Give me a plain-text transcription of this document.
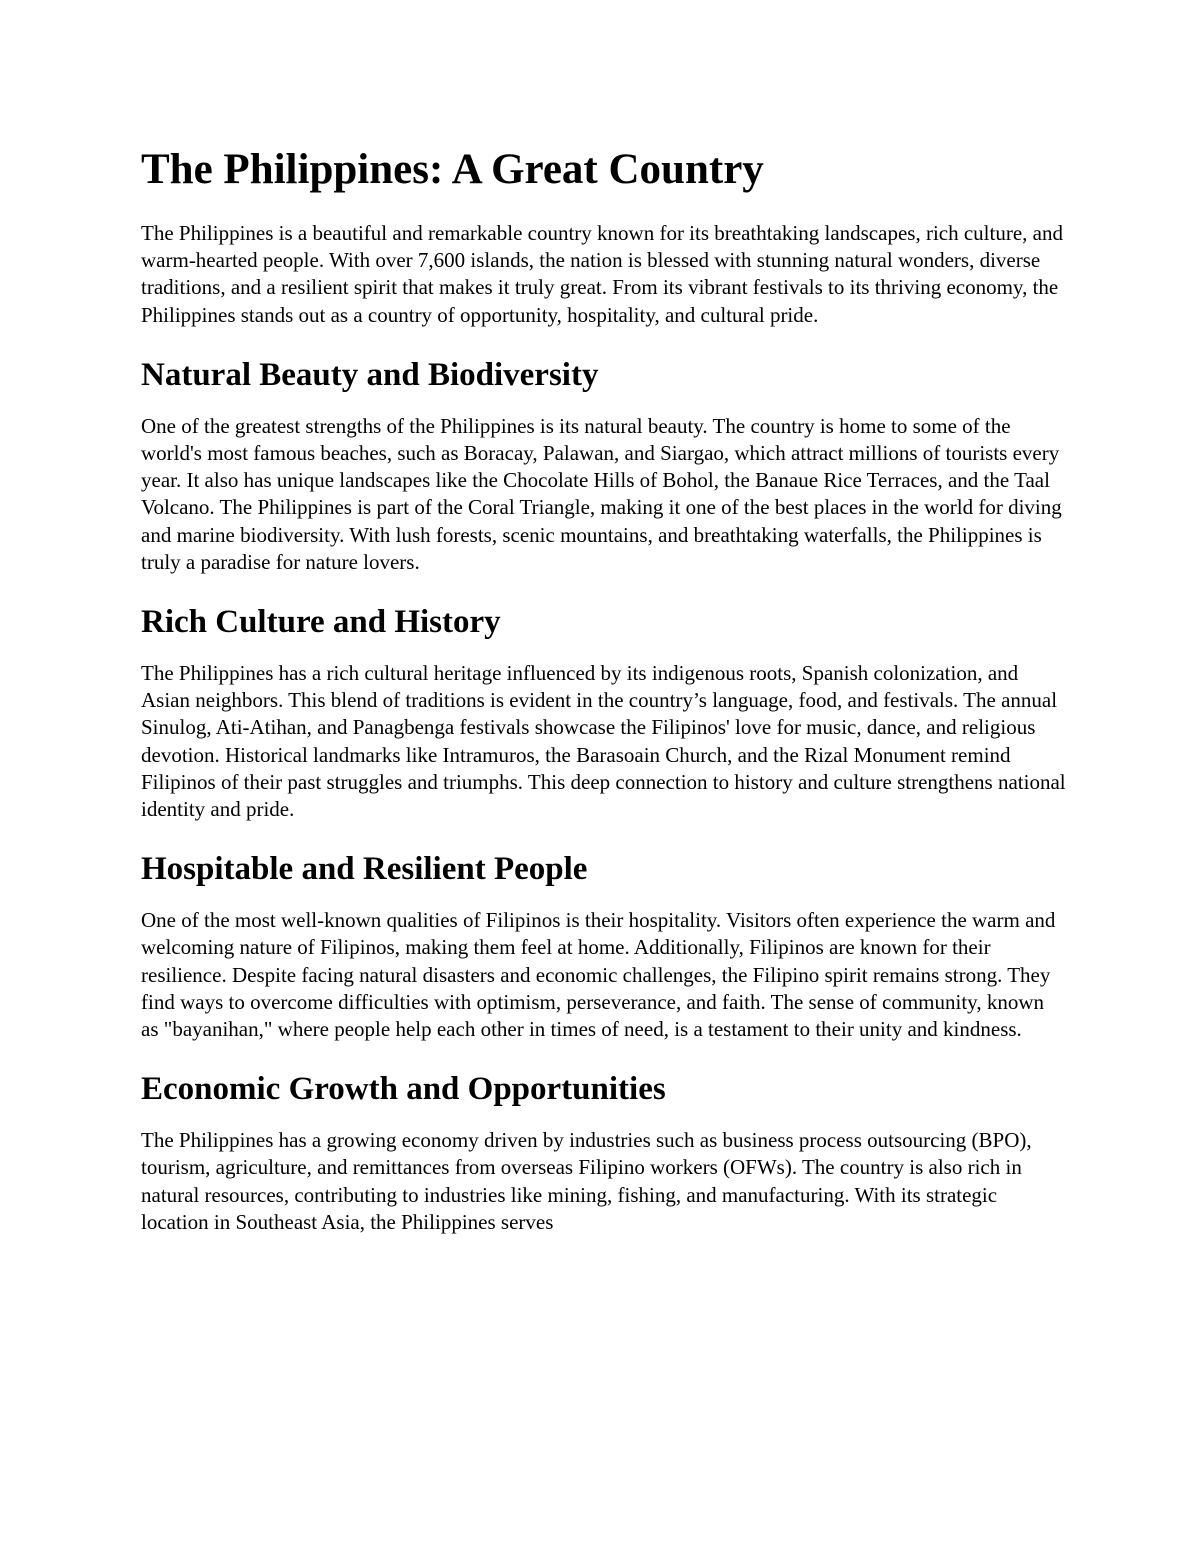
The Philippines: A Great Country

The Philippines is a beautiful and remarkable country known for its breathtaking landscapes, rich culture, and warm-hearted people. With over 7,600 islands, the nation is blessed with stunning natural wonders, diverse traditions, and a resilient spirit that makes it truly great. From its vibrant festivals to its thriving economy, the Philippines stands out as a country of opportunity, hospitality, and cultural pride.

Natural Beauty and Biodiversity

One of the greatest strengths of the Philippines is its natural beauty. The country is home to some of the world's most famous beaches, such as Boracay, Palawan, and Siargao, which attract millions of tourists every year. It also has unique landscapes like the Chocolate Hills of Bohol, the Banaue Rice Terraces, and the Taal Volcano. The Philippines is part of the Coral Triangle, making it one of the best places in the world for diving and marine biodiversity. With lush forests, scenic mountains, and breathtaking waterfalls, the Philippines is truly a paradise for nature lovers.

Rich Culture and History

The Philippines has a rich cultural heritage influenced by its indigenous roots, Spanish colonization, and Asian neighbors. This blend of traditions is evident in the country’s language, food, and festivals. The annual Sinulog, Ati-Atihan, and Panagbenga festivals showcase the Filipinos' love for music, dance, and religious devotion. Historical landmarks like Intramuros, the Barasoain Church, and the Rizal Monument remind Filipinos of their past struggles and triumphs. This deep connection to history and culture strengthens national identity and pride.

Hospitable and Resilient People

One of the most well-known qualities of Filipinos is their hospitality. Visitors often experience the warm and welcoming nature of Filipinos, making them feel at home. Additionally, Filipinos are known for their resilience. Despite facing natural disasters and economic challenges, the Filipino spirit remains strong. They find ways to overcome difficulties with optimism, perseverance, and faith. The sense of community, known as "bayanihan," where people help each other in times of need, is a testament to their unity and kindness.

Economic Growth and Opportunities

The Philippines has a growing economy driven by industries such as business process outsourcing (BPO), tourism, agriculture, and remittances from overseas Filipino workers (OFWs). The country is also rich in natural resources, contributing to industries like mining, fishing, and manufacturing. With its strategic location in Southeast Asia, the Philippines serves
